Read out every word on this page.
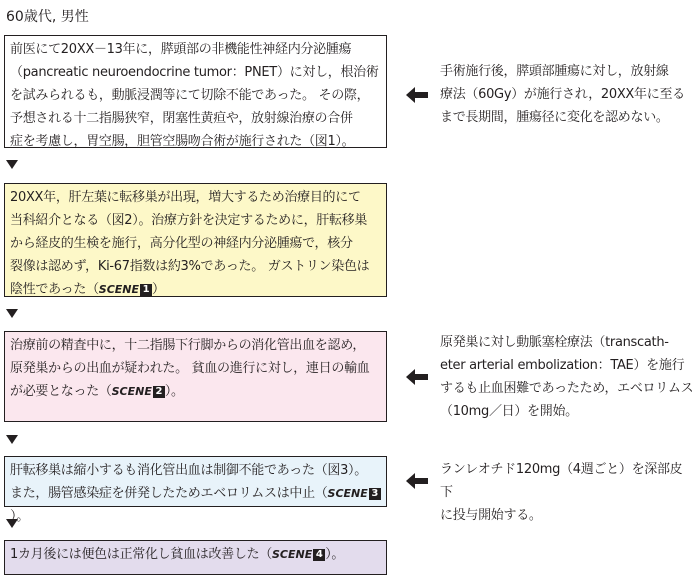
60歳代, 男性
前医にて20XX－13年に，膵頭部の非機能性神経内分泌腫瘍
（pancreatic neuroendocrine tumor：PNET）に対し，根治術
を試みられるも，動脈浸潤等にて切除不能であった。 その際，
予想される十二指腸狭窄，閉塞性黄疸や，放射線治療の合併
症を考慮し，胃空腸，胆管空腸吻合術が施行された（図1）。
20XX年，肝左葉に転移巣が出現，増大するため治療目的にて
当科紹介となる（図2）。治療方針を決定するために，肝転移巣
から経皮的生検を施行，高分化型の神経内分泌腫瘍で，核分
裂像は認めず，Ki-67指数は約3%であった。 ガストリン染色は
陰性であった（SCENE 1 ）
治療前の精査中に，十二指腸下行脚からの消化管出血を認め，
原発巣からの出血が疑われた。 貧血の進行に対し，連日の輸血
が必要となった（SCENE 2 ）。
肝転移巣は縮小するも消化管出血は制御不能であった（図3）。
また，腸管感染症を併発したためエベロリムスは中止（SCENE 3）。
1カ月後には便色は正常化し貧血は改善した（SCENE 4 ）。
手術施行後，膵頭部腫瘍に対し，放射線
療法（60Gy）が施行され，20XX年に至る
まで長期間，腫瘍径に変化を認めない。
原発巣に対し動脈塞栓療法（transcath-
eter arterial embolization：TAE）を施行
するも止血困難であったため，エベロリムス
（10mg／日）を開始。
ランレオチド120mg（4週ごと）を深部皮下
に投与開始する。
